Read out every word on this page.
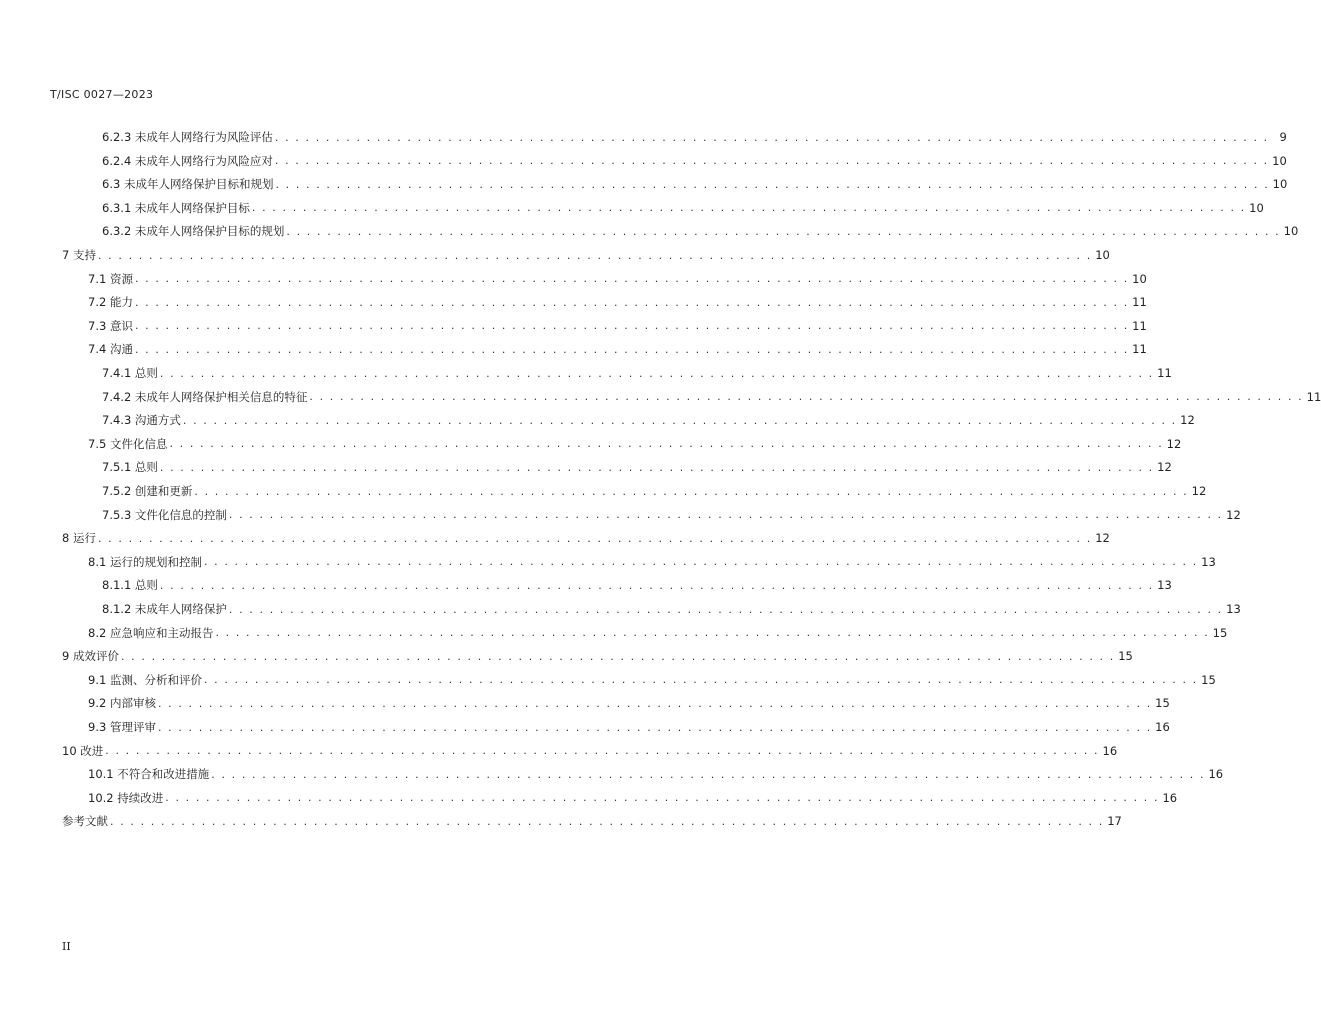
T/ISC 0027—2023
6.2.3 未成年人网络行为风险评估 . . . . . . . . . . . . . . . . . . . . . . . . . . . . . . . . . . . . . . . . . . . . . . . . . . . . . . . . . . . . . . . . . . . . . . . . . . . . . . . . . . . . . . . . . . . . . . . . . . 9
6.2.4 未成年人网络行为风险应对 . . . . . . . . . . . . . . . . . . . . . . . . . . . . . . . . . . . . . . . . . . . . . . . . . . . . . . . . . . . . . . . . . . . . . . . . . . . . . . . . . . . . . . . . . . . . . . . . . . 10
6.3 未成年人网络保护目标和规划 . . . . . . . . . . . . . . . . . . . . . . . . . . . . . . . . . . . . . . . . . . . . . . . . . . . . . . . . . . . . . . . . . . . . . . . . . . . . . . . . . . . . . . . . . . . . . . . . . . 10
6.3.1 未成年人网络保护目标 . . . . . . . . . . . . . . . . . . . . . . . . . . . . . . . . . . . . . . . . . . . . . . . . . . . . . . . . . . . . . . . . . . . . . . . . . . . . . . . . . . . . . . . . . . . . . . . . . . 10
6.3.2 未成年人网络保护目标的规划 . . . . . . . . . . . . . . . . . . . . . . . . . . . . . . . . . . . . . . . . . . . . . . . . . . . . . . . . . . . . . . . . . . . . . . . . . . . . . . . . . . . . . . . . . . . . . . . . . . 10
7 支持 . . . . . . . . . . . . . . . . . . . . . . . . . . . . . . . . . . . . . . . . . . . . . . . . . . . . . . . . . . . . . . . . . . . . . . . . . . . . . . . . . . . . . . . . . . . . . . . . . . 10
7.1 资源 . . . . . . . . . . . . . . . . . . . . . . . . . . . . . . . . . . . . . . . . . . . . . . . . . . . . . . . . . . . . . . . . . . . . . . . . . . . . . . . . . . . . . . . . . . . . . . . . . . 10
7.2 能力 . . . . . . . . . . . . . . . . . . . . . . . . . . . . . . . . . . . . . . . . . . . . . . . . . . . . . . . . . . . . . . . . . . . . . . . . . . . . . . . . . . . . . . . . . . . . . . . . . . 11
7.3 意识 . . . . . . . . . . . . . . . . . . . . . . . . . . . . . . . . . . . . . . . . . . . . . . . . . . . . . . . . . . . . . . . . . . . . . . . . . . . . . . . . . . . . . . . . . . . . . . . . . . 11
7.4 沟通 . . . . . . . . . . . . . . . . . . . . . . . . . . . . . . . . . . . . . . . . . . . . . . . . . . . . . . . . . . . . . . . . . . . . . . . . . . . . . . . . . . . . . . . . . . . . . . . . . . 11
7.4.1 总则 . . . . . . . . . . . . . . . . . . . . . . . . . . . . . . . . . . . . . . . . . . . . . . . . . . . . . . . . . . . . . . . . . . . . . . . . . . . . . . . . . . . . . . . . . . . . . . . . . . 11
7.4.2 未成年人网络保护相关信息的特征 . . . . . . . . . . . . . . . . . . . . . . . . . . . . . . . . . . . . . . . . . . . . . . . . . . . . . . . . . . . . . . . . . . . . . . . . . . . . . . . . . . . . . . . . . . . . . . . . . . 11
7.4.3 沟通方式 . . . . . . . . . . . . . . . . . . . . . . . . . . . . . . . . . . . . . . . . . . . . . . . . . . . . . . . . . . . . . . . . . . . . . . . . . . . . . . . . . . . . . . . . . . . . . . . . . . 12
7.5 文件化信息 . . . . . . . . . . . . . . . . . . . . . . . . . . . . . . . . . . . . . . . . . . . . . . . . . . . . . . . . . . . . . . . . . . . . . . . . . . . . . . . . . . . . . . . . . . . . . . . . . . 12
7.5.1 总则 . . . . . . . . . . . . . . . . . . . . . . . . . . . . . . . . . . . . . . . . . . . . . . . . . . . . . . . . . . . . . . . . . . . . . . . . . . . . . . . . . . . . . . . . . . . . . . . . . . 12
7.5.2 创建和更新 . . . . . . . . . . . . . . . . . . . . . . . . . . . . . . . . . . . . . . . . . . . . . . . . . . . . . . . . . . . . . . . . . . . . . . . . . . . . . . . . . . . . . . . . . . . . . . . . . . 12
7.5.3 文件化信息的控制 . . . . . . . . . . . . . . . . . . . . . . . . . . . . . . . . . . . . . . . . . . . . . . . . . . . . . . . . . . . . . . . . . . . . . . . . . . . . . . . . . . . . . . . . . . . . . . . . . . 12
8 运行 . . . . . . . . . . . . . . . . . . . . . . . . . . . . . . . . . . . . . . . . . . . . . . . . . . . . . . . . . . . . . . . . . . . . . . . . . . . . . . . . . . . . . . . . . . . . . . . . . . 12
8.1 运行的规划和控制 . . . . . . . . . . . . . . . . . . . . . . . . . . . . . . . . . . . . . . . . . . . . . . . . . . . . . . . . . . . . . . . . . . . . . . . . . . . . . . . . . . . . . . . . . . . . . . . . . . 13
8.1.1 总则 . . . . . . . . . . . . . . . . . . . . . . . . . . . . . . . . . . . . . . . . . . . . . . . . . . . . . . . . . . . . . . . . . . . . . . . . . . . . . . . . . . . . . . . . . . . . . . . . . . 13
8.1.2 未成年人网络保护 . . . . . . . . . . . . . . . . . . . . . . . . . . . . . . . . . . . . . . . . . . . . . . . . . . . . . . . . . . . . . . . . . . . . . . . . . . . . . . . . . . . . . . . . . . . . . . . . . . 13
8.2 应急响应和主动报告 . . . . . . . . . . . . . . . . . . . . . . . . . . . . . . . . . . . . . . . . . . . . . . . . . . . . . . . . . . . . . . . . . . . . . . . . . . . . . . . . . . . . . . . . . . . . . . . . . . 15
9 成效评价 . . . . . . . . . . . . . . . . . . . . . . . . . . . . . . . . . . . . . . . . . . . . . . . . . . . . . . . . . . . . . . . . . . . . . . . . . . . . . . . . . . . . . . . . . . . . . . . . . . 15
9.1 监测、分析和评价 . . . . . . . . . . . . . . . . . . . . . . . . . . . . . . . . . . . . . . . . . . . . . . . . . . . . . . . . . . . . . . . . . . . . . . . . . . . . . . . . . . . . . . . . . . . . . . . . . . 15
9.2 内部审核 . . . . . . . . . . . . . . . . . . . . . . . . . . . . . . . . . . . . . . . . . . . . . . . . . . . . . . . . . . . . . . . . . . . . . . . . . . . . . . . . . . . . . . . . . . . . . . . . . . 15
9.3 管理评审 . . . . . . . . . . . . . . . . . . . . . . . . . . . . . . . . . . . . . . . . . . . . . . . . . . . . . . . . . . . . . . . . . . . . . . . . . . . . . . . . . . . . . . . . . . . . . . . . . . 16
10 改进 . . . . . . . . . . . . . . . . . . . . . . . . . . . . . . . . . . . . . . . . . . . . . . . . . . . . . . . . . . . . . . . . . . . . . . . . . . . . . . . . . . . . . . . . . . . . . . . . . . 16
10.1 不符合和改进措施 . . . . . . . . . . . . . . . . . . . . . . . . . . . . . . . . . . . . . . . . . . . . . . . . . . . . . . . . . . . . . . . . . . . . . . . . . . . . . . . . . . . . . . . . . . . . . . . . . . 16
10.2 持续改进 . . . . . . . . . . . . . . . . . . . . . . . . . . . . . . . . . . . . . . . . . . . . . . . . . . . . . . . . . . . . . . . . . . . . . . . . . . . . . . . . . . . . . . . . . . . . . . . . . . 16
参考文献 . . . . . . . . . . . . . . . . . . . . . . . . . . . . . . . . . . . . . . . . . . . . . . . . . . . . . . . . . . . . . . . . . . . . . . . . . . . . . . . . . . . . . . . . . . . . . . . . . . 17
II
